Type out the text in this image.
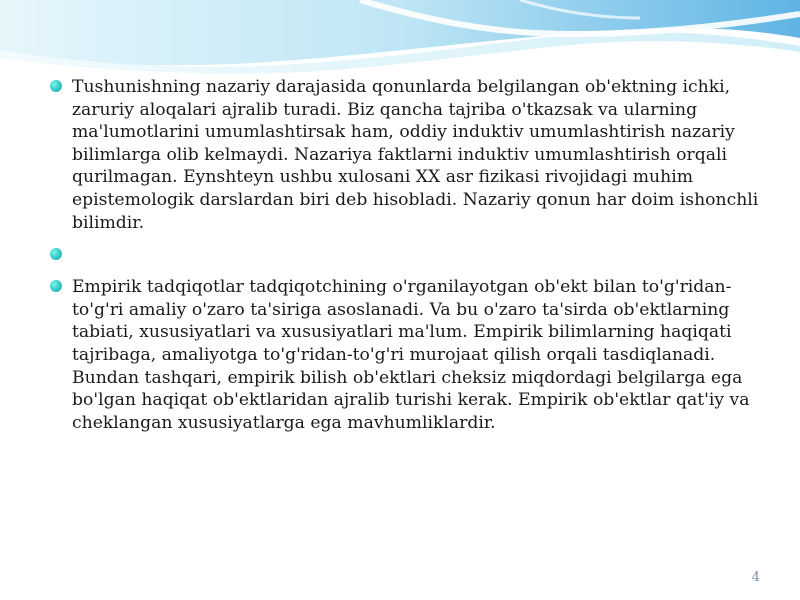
Tushunishning nazariy darajasida qonunlarda belgilangan ob'ektning ichki, zaruriy aloqalari ajralib turadi. Biz qancha tajriba o'tkazsak va ularning ma'lumotlarini umumlashtirsak ham, oddiy induktiv umumlashtirish nazariy bilimlarga olib kelmaydi. Nazariya faktlarni induktiv umumlashtirish orqali qurilmagan. Eynshteyn ushbu xulosani XX asr fizikasi rivojidagi muhim epistemologik darslardan biri deb hisobladi. Nazariy qonun har doim ishonchli bilimdir.
Empirik tadqiqotlar tadqiqotchining o'rganilayotgan ob'ekt bilan to'g'ridan-to'g'ri amaliy o'zaro ta'siriga asoslanadi. Va bu o'zaro ta'sirda ob'ektlarning tabiati, xususiyatlari va xususiyatlari ma'lum. Empirik bilimlarning haqiqati tajribaga, amaliyotga to'g'ridan-to'g'ri murojaat qilish orqali tasdiqlanadi. Bundan tashqari, empirik bilish ob'ektlari cheksiz miqdordagi belgilarga ega bo'lgan haqiqat ob'ektlaridan ajralib turishi kerak. Empirik ob'ektlar qat'iy va cheklangan xususiyatlarga ega mavhumliklardir.
4
